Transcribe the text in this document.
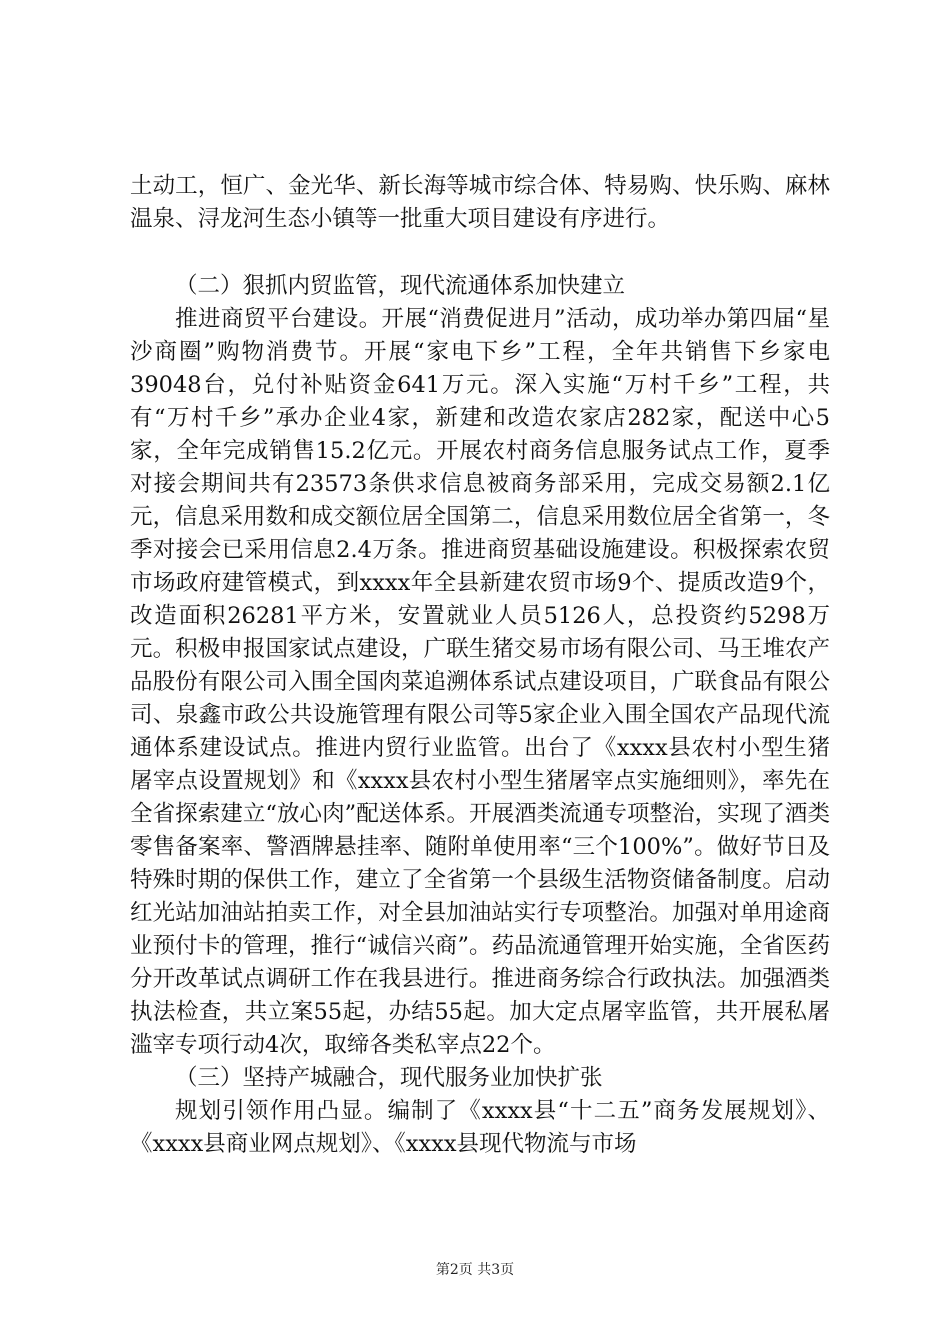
土动工，恒广、金光华、新长海等城市综合体、特易购、快乐购、麻林温泉、浔龙河生态小镇等一批重大项目建设有序进行。

（二）狠抓内贸监管，现代流通体系加快建立

推进商贸平台建设。开展“消费促进月”活动，成功举办第四届“星沙商圈”购物消费节。开展“家电下乡”工程，全年共销售下乡家电39048台，兑付补贴资金641万元。深入实施“万村千乡”工程，共有“万村千乡”承办企业4家，新建和改造农家店282家，配送中心5家，全年完成销售15.2亿元。开展农村商务信息服务试点工作，夏季对接会期间共有23573条供求信息被商务部采用，完成交易额2.1亿元，信息采用数和成交额位居全国第二，信息采用数位居全省第一，冬季对接会已采用信息2.4万条。推进商贸基础设施建设。积极探索农贸市场政府建管模式，到xxxx年全县新建农贸市场9个、提质改造9个，改造面积26281平方米，安置就业人员5126人，总投资约5298万元。积极申报国家试点建设，广联生猪交易市场有限公司、马王堆农产品股份有限公司入围全国肉菜追溯体系试点建设项目，广联食品有限公司、泉鑫市政公共设施管理有限公司等5家企业入围全国农产品现代流通体系建设试点。推进内贸行业监管。出台了《xxxx县农村小型生猪屠宰点设置规划》和《xxxx县农村小型生猪屠宰点实施细则》，率先在全省探索建立“放心肉”配送体系。开展酒类流通专项整治，实现了酒类零售备案率、警酒牌悬挂率、随附单使用率“三个100%”。做好节日及特殊时期的保供工作，建立了全省第一个县级生活物资储备制度。启动红光站加油站拍卖工作，对全县加油站实行专项整治。加强对单用途商业预付卡的管理，推行“诚信兴商”。药品流通管理开始实施，全省医药分开改革试点调研工作在我县进行。推进商务综合行政执法。加强酒类执法检查，共立案55起，办结55起。加大定点屠宰监管，共开展私屠滥宰专项行动4次，取缔各类私宰点22个。

（三）坚持产城融合，现代服务业加快扩张

规划引领作用凸显。编制了《xxxx县“十二五”商务发展规划》、《xxxx县商业网点规划》、《xxxx县现代物流与市场

第2页 共3页
